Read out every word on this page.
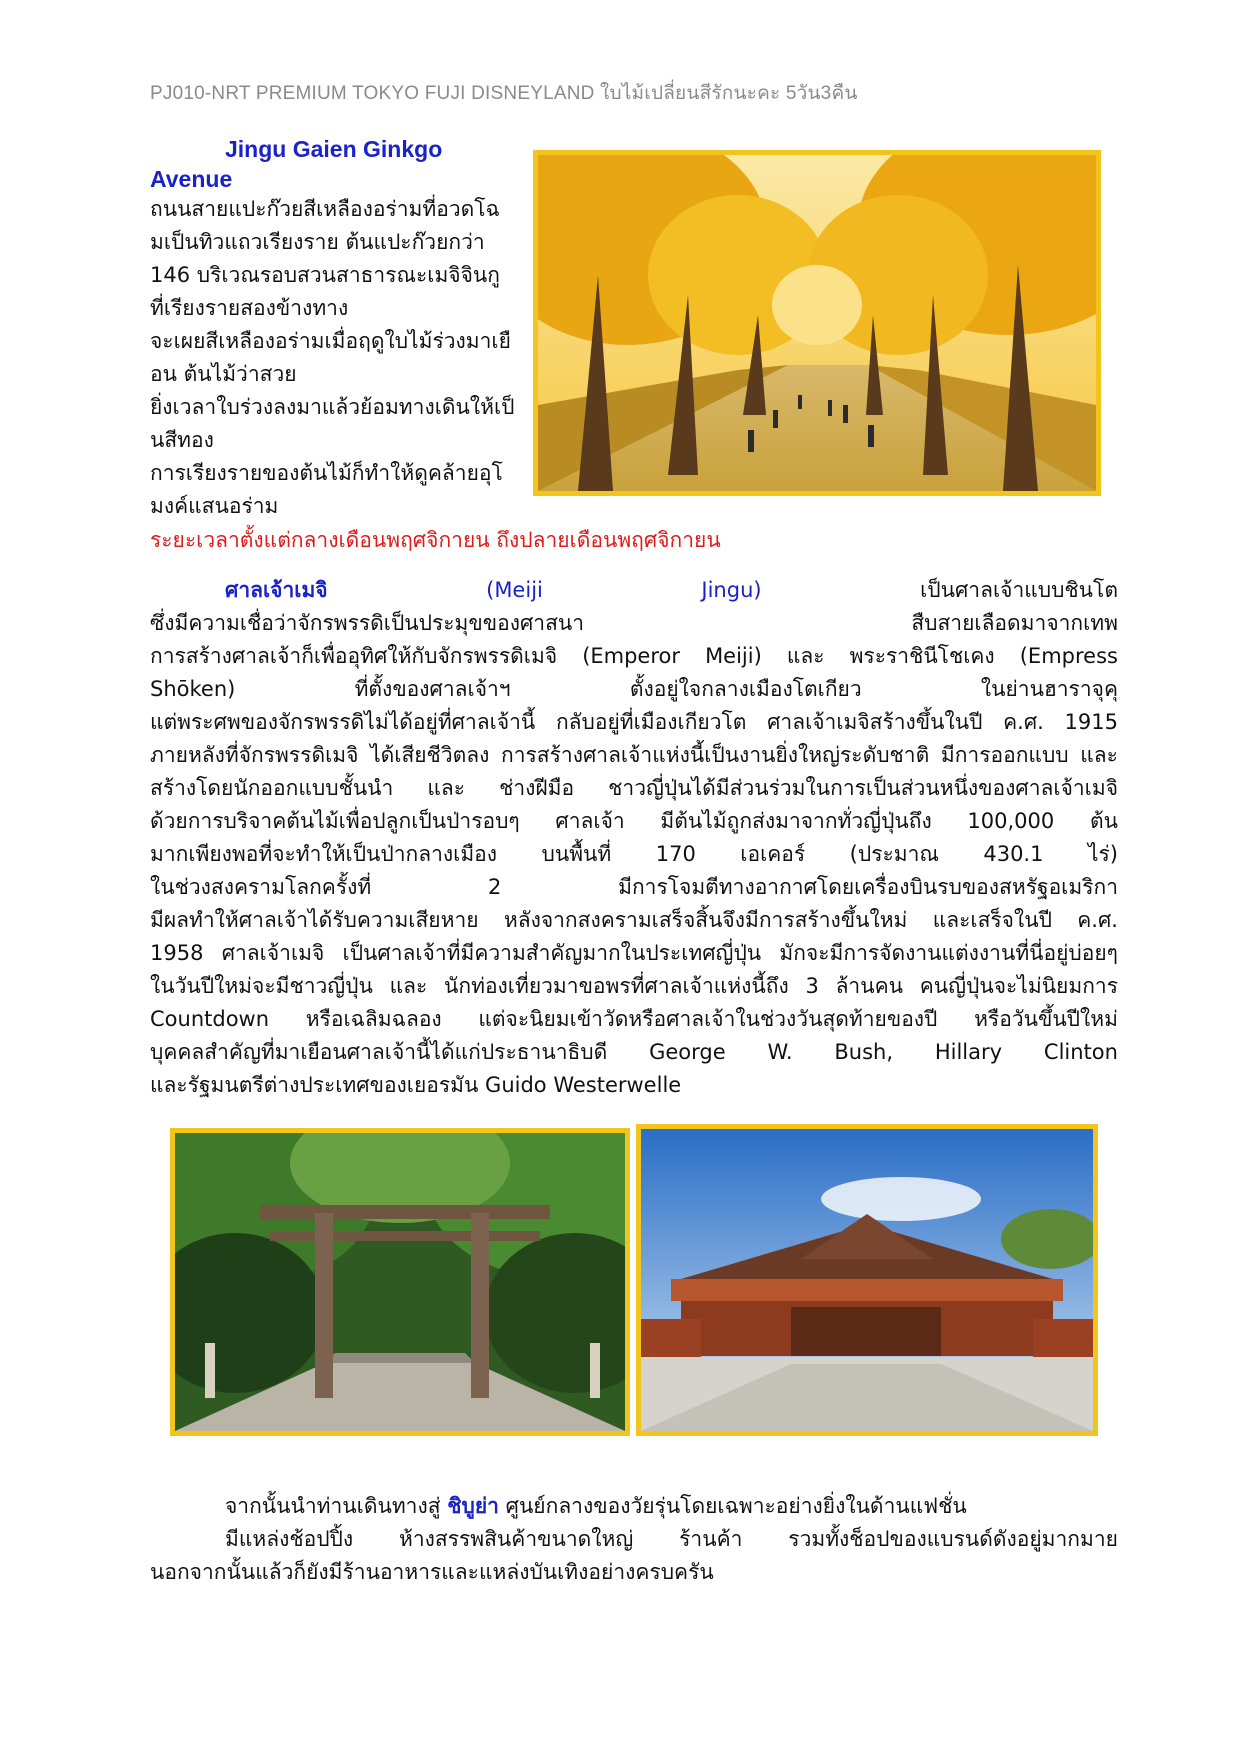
PJ010-NRT PREMIUM TOKYO FUJI DISNEYLAND ใบไม้เปลี่ยนสีรักนะคะ 5วัน3คืน
Jingu Gaien Ginkgo
Avenue
ถนนสายแปะก๊วยสีเหลืองอร่ามที่อวดโฉ
มเป็นทิวแถวเรียงราย ต้นแปะก๊วยกว่า
146 บริเวณรอบสวนสาธารณะเมจิจินกู
ที่เรียงรายสองข้างทาง
จะเผยสีเหลืองอร่ามเมื่อฤดูใบไม้ร่วงมาเยื
อน ต้นไม้ว่าสวย
ยิ่งเวลาใบร่วงลงมาแล้วย้อมทางเดินให้เป็
นสีทอง
การเรียงรายของต้นไม้ก็ทำให้ดูคล้ายอุโ
มงค์แสนอร่าม
ระยะเวลาตั้งแต่กลางเดือนพฤศจิกายน ถึงปลายเดือนพฤศจิกายน
ศาลเจ้าเมจิ	(Meiji	Jingu)	เป็นศาลเจ้าแบบชินโต
ซึ่งมีความเชื่อว่าจักรพรรดิเป็นประมุขของศาสนา	สืบสายเลือดมาจากเทพ
การสร้างศาลเจ้าก็เพื่ออุทิศให้กับจักรพรรดิเมจิ (Emperor Meiji) และ พระราชินีโชเคง (Empress
Shōken)	ที่ตั้งของศาลเจ้าฯ	ตั้งอยู่ใจกลางเมืองโตเกียว	ในย่านฮาราจุคุ
แต่พระศพของจักรพรรดิไม่ได้อยู่ที่ศาลเจ้านี้ กลับอยู่ที่เมืองเกียวโต ศาลเจ้าเมจิสร้างขึ้นในปี ค.ศ. 1915
ภายหลังที่จักรพรรดิเมจิ ได้เสียชีวิตลง การสร้างศาลเจ้าแห่งนี้เป็นงานยิ่งใหญ่ระดับชาติ มีการออกแบบ และ
สร้างโดยนักออกแบบชั้นนำ และ ช่างฝีมือ ชาวญี่ปุ่นได้มีส่วนร่วมในการเป็นส่วนหนึ่งของศาลเจ้าเมจิ
ด้วยการบริจาคต้นไม้เพื่อปลูกเป็นป่ารอบๆ ศาลเจ้า มีต้นไม้ถูกส่งมาจากทั่วญี่ปุ่นถึง 100,000 ต้น
มากเพียงพอที่จะทำให้เป็นป่ากลางเมือง บนพื้นที่ 170 เอเคอร์ (ประมาณ 430.1 ไร่)
ในช่วงสงครามโลกครั้งที่	2	มีการโจมตีทางอากาศโดยเครื่องบินรบของสหรัฐอเมริกา
มีผลทำให้ศาลเจ้าได้รับความเสียหาย หลังจากสงครามเสร็จสิ้นจึงมีการสร้างขึ้นใหม่ และเสร็จในปี ค.ศ.
1958 ศาลเจ้าเมจิ เป็นศาลเจ้าที่มีความสำคัญมากในประเทศญี่ปุ่น มักจะมีการจัดงานแต่งงานที่นี่อยู่บ่อยๆ
ในวันปีใหม่จะมีชาวญี่ปุ่น และ นักท่องเที่ยวมาขอพรที่ศาลเจ้าแห่งนี้ถึง 3 ล้านคน คนญี่ปุ่นจะไม่นิยมการ
Countdown หรือเฉลิมฉลอง แต่จะนิยมเข้าวัดหรือศาลเจ้าในช่วงวันสุดท้ายของปี หรือวันขึ้นปีใหม่
บุคคลสำคัญที่มาเยือนศาลเจ้านี้ได้แก่ประธานาธิบดี George W. Bush, Hillary Clinton
และรัฐมนตรีต่างประเทศของเยอรมัน Guido Westerwelle
จากนั้นนำท่านเดินทางสู่ ชิบูย่า ศูนย์กลางของวัยรุ่นโดยเฉพาะอย่างยิ่งในด้านแฟชั่น
มีแหล่งช้อปปิ้ง ห้างสรรพสินค้าขนาดใหญ่ ร้านค้า รวมทั้งช็อปของแบรนด์ดังอยู่มากมาย
นอกจากนั้นแล้วก็ยังมีร้านอาหารและแหล่งบันเทิงอย่างครบครัน
